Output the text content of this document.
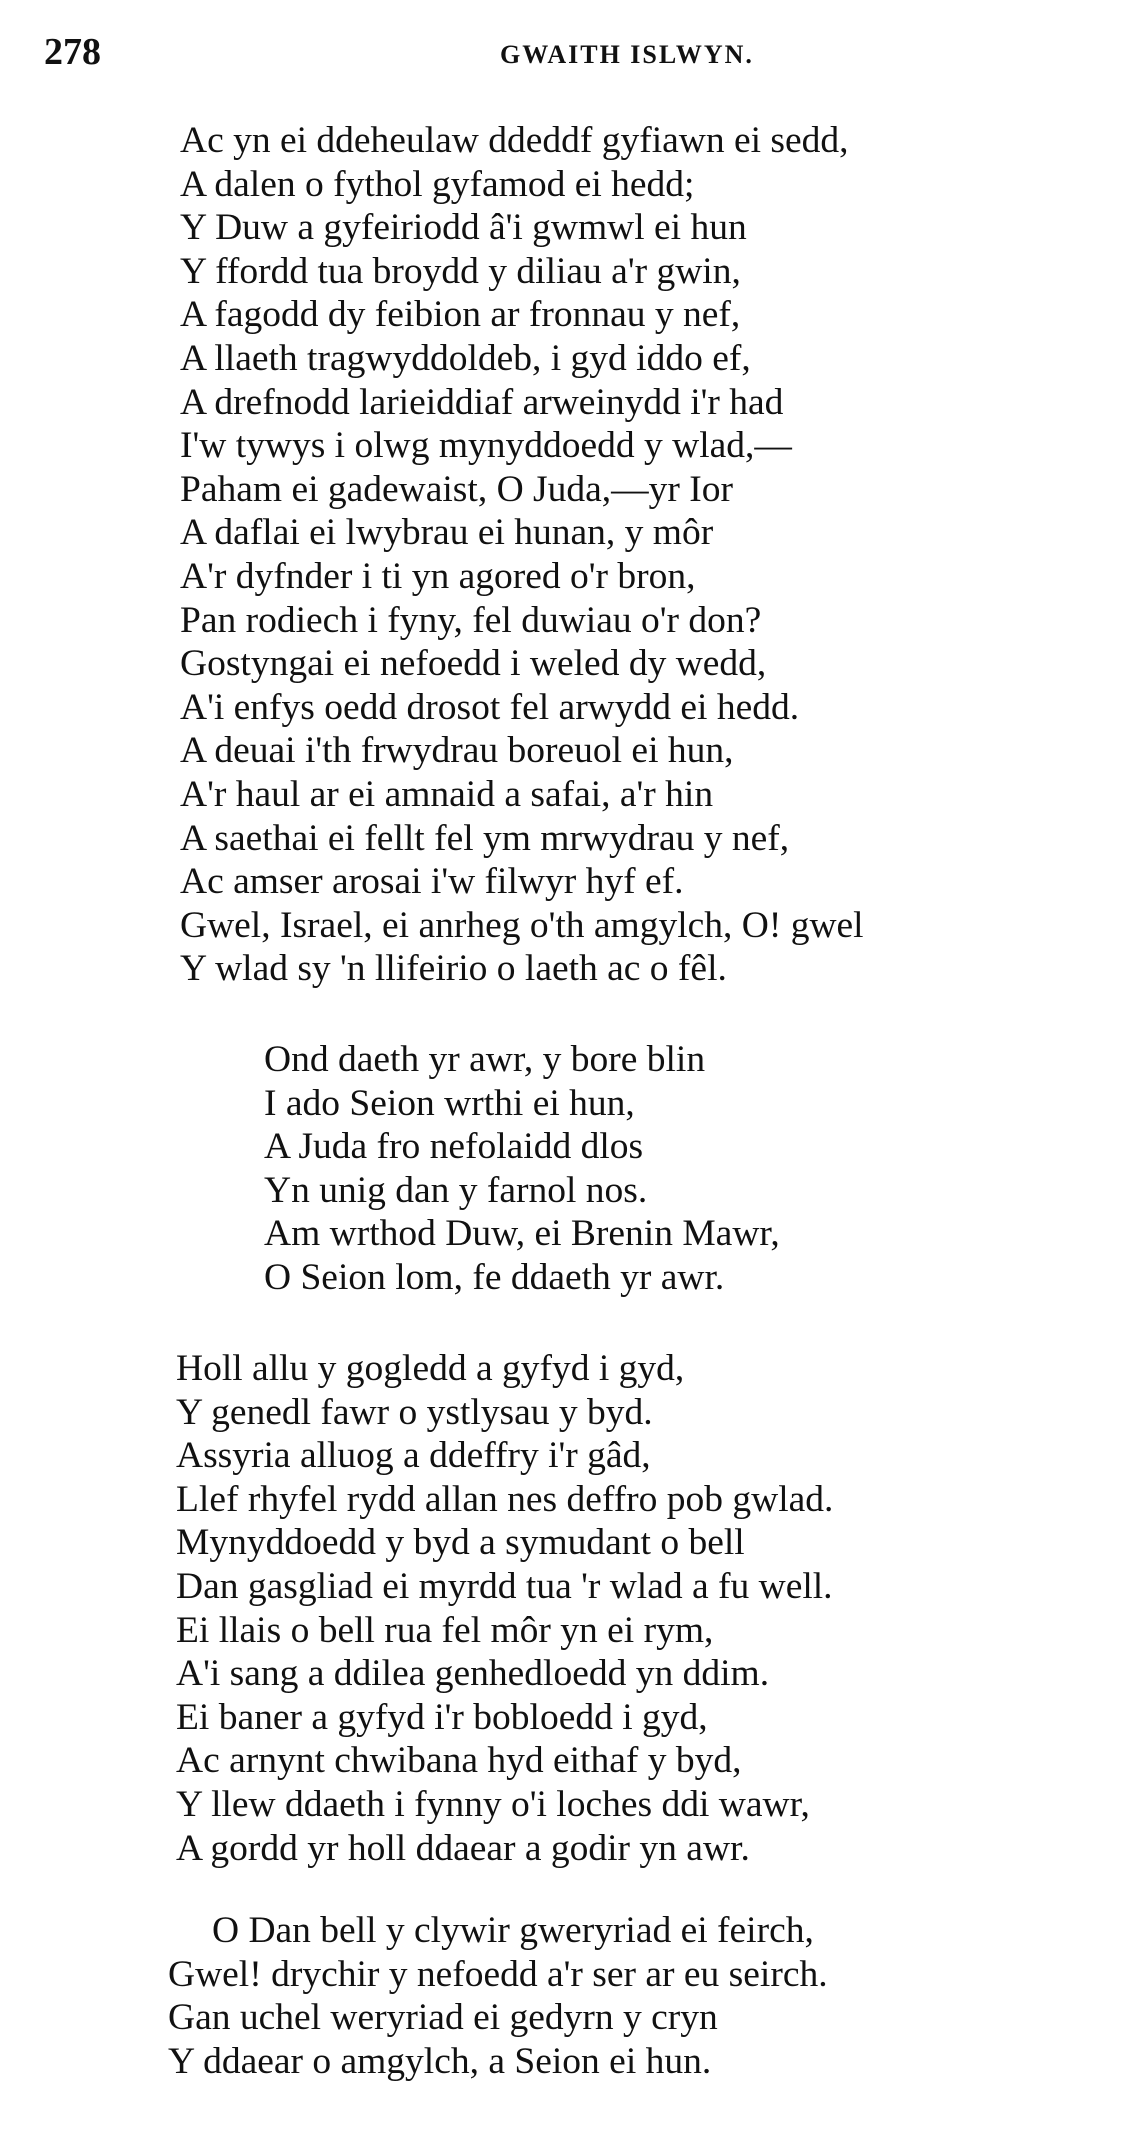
278	GWAITH ISLWYN.
Ac yn ei ddeheulaw ddeddf gyfiawn ei sedd,
A dalen o fythol gyfamod ei hedd;
Y Duw a gyfeiriodd â'i gwmwl ei hun
Y ffordd tua broydd y diliau a'r gwin,
A fagodd dy feibion ar fronnau y nef,
A llaeth tragwyddoldeb, i gyd iddo ef,
A drefnodd larieiddiaf arweinydd i'r had
I'w tywys i olwg mynyddoedd y wlad,—
Paham ei gadewaist, O Juda,—yr Ior
A daflai ei lwybrau ei hunan, y môr
A'r dyfnder i ti yn agored o'r bron,
Pan rodiech i fyny, fel duwiau o'r don?
Gostyngai ei nefoedd i weled dy wedd,
A'i enfys oedd drosot fel arwydd ei hedd.
A deuai i'th frwydrau boreuol ei hun,
A'r haul ar ei amnaid a safai, a'r hin
A saethai ei fellt fel ym mrwydrau y nef,
Ac amser arosai i'w filwyr hyf ef.
Gwel, Israel, ei anrheg o'th amgylch, O! gwel
Y wlad sy 'n llifeirio o laeth ac o fêl.
Ond daeth yr awr, y bore blin
I ado Seion wrthi ei hun,
A Juda fro nefolaidd dlos
Yn unig dan y farnol nos.
Am wrthod Duw, ei Brenin Mawr,
O Seion lom, fe ddaeth yr awr.
Holl allu y gogledd a gyfyd i gyd,
Y genedl fawr o ystlysau y byd.
Assyria alluog a ddeffry i'r gâd,
Llef rhyfel rydd allan nes deffro pob gwlad.
Mynyddoedd y byd a symudant o bell
Dan gasgliad ei myrdd tua 'r wlad a fu well.
Ei llais o bell rua fel môr yn ei rym,
A'i sang a ddilea genhedloedd yn ddim.
Ei baner a gyfyd i'r bobloedd i gyd,
Ac arnynt chwibana hyd eithaf y byd,
Y llew ddaeth i fynny o'i loches ddi wawr,
A gordd yr holl ddaear a godir yn awr.
O Dan bell y clywir gweryriad ei feirch,
Gwel! drychir y nefoedd a'r ser ar eu seirch.
Gan uchel weryriad ei gedyrn y cryn
Y ddaear o amgylch, a Seion ei hun.
